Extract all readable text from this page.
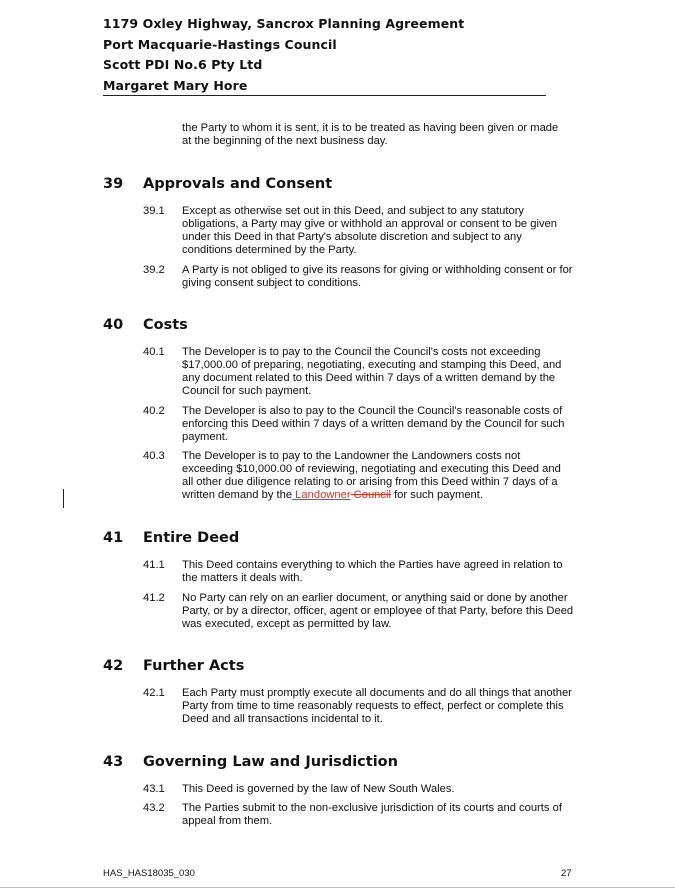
1179 Oxley Highway, Sancrox Planning Agreement
Port Macquarie-Hastings Council
Scott PDI No.6 Pty Ltd
Margaret Mary Hore
the Party to whom it is sent, it is to be treated as having been given or made at the beginning of the next business day.
39 Approvals and Consent
39.1	Except as otherwise set out in this Deed, and subject to any statutory obligations, a Party may give or withhold an approval or consent to be given under this Deed in that Party's absolute discretion and subject to any conditions determined by the Party.
39.2	A Party is not obliged to give its reasons for giving or withholding consent or for giving consent subject to conditions.
40 Costs
40.1	The Developer is to pay to the Council the Council's costs not exceeding $17,000.00 of preparing, negotiating, executing and stamping this Deed, and any document related to this Deed within 7 days of a written demand by the Council for such payment.
40.2	The Developer is also to pay to the Council the Council's reasonable costs of enforcing this Deed within 7 days of a written demand by the Council for such payment.
40.3	The Developer is to pay to the Landowner the Landowners costs not exceeding $10,000.00 of reviewing, negotiating and executing this Deed and all other due diligence relating to or arising from this Deed within 7 days of a written demand by the Landowner Council for such payment.
41 Entire Deed
41.1	This Deed contains everything to which the Parties have agreed in relation to the matters it deals with.
41.2	No Party can rely on an earlier document, or anything said or done by another Party, or by a director, officer, agent or employee of that Party, before this Deed was executed, except as permitted by law.
42 Further Acts
42.1	Each Party must promptly execute all documents and do all things that another Party from time to time reasonably requests to effect, perfect or complete this Deed and all transactions incidental to it.
43 Governing Law and Jurisdiction
43.1	This Deed is governed by the law of New South Wales.
43.2	The Parties submit to the non-exclusive jurisdiction of its courts and courts of appeal from them.
HAS_HAS18035_030	27
